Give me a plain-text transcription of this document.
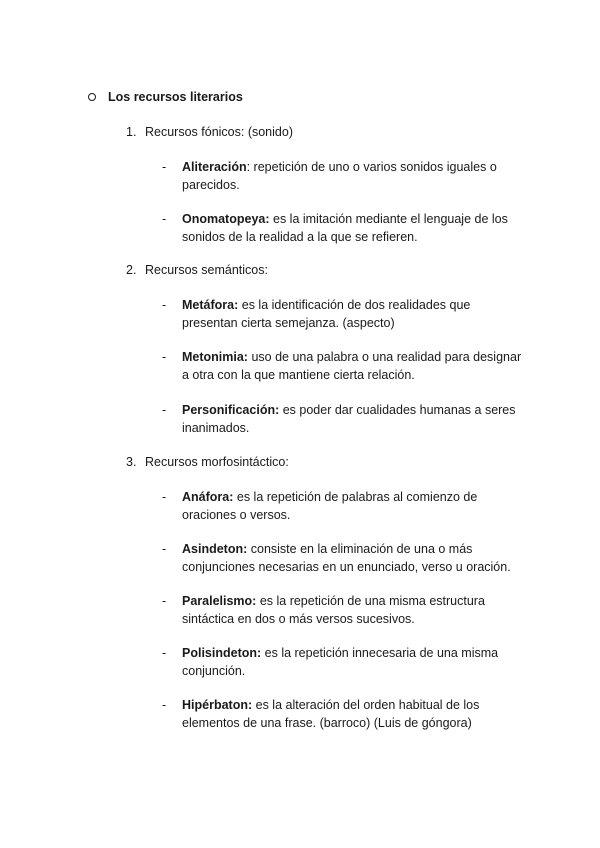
Los recursos literarios
1. Recursos fónicos: (sonido)
-	Aliteración: repetición de uno o varios sonidos iguales o parecidos.
-	Onomatopeya: es la imitación mediante el lenguaje de los sonidos de la realidad a la que se refieren.
2. Recursos semánticos:
-	Metáfora: es la identificación de dos realidades que presentan cierta semejanza. (aspecto)
-	Metonimia: uso de una palabra o una realidad para designar a otra con la que mantiene cierta relación.
-	Personificación: es poder dar cualidades humanas a seres inanimados.
3. Recursos morfosintáctico:
-	Anáfora: es la repetición de palabras al comienzo de oraciones o versos.
-	Asindeton: consiste en la eliminación de una o más conjunciones necesarias en un enunciado, verso u oración.
-	Paralelismo: es la repetición de una misma estructura sintáctica en dos o más versos sucesivos.
-	Polisindeton: es la repetición innecesaria de una misma conjunción.
-	Hipérbaton: es la alteración del orden habitual de los elementos de una frase. (barroco) (Luis de góngora)
